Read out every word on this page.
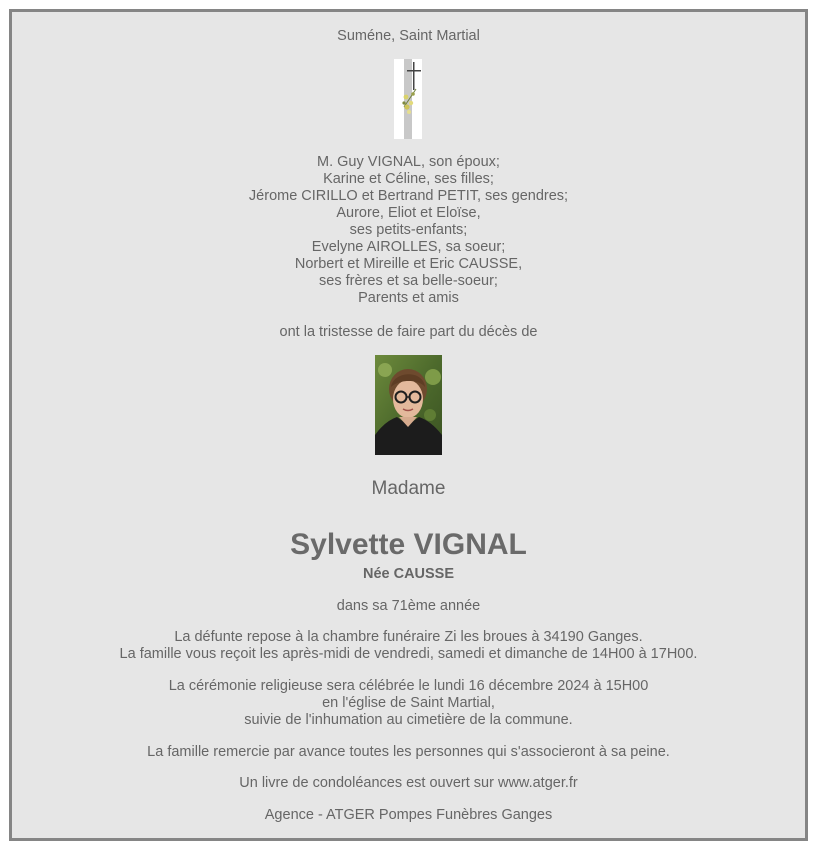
Suméne, Saint Martial
M. Guy VIGNAL, son époux;
Karine et Céline, ses filles;
Jérome CIRILLO et Bertrand PETIT, ses gendres;
Aurore, Eliot et Eloïse,
ses petits-enfants;
Evelyne AIROLLES, sa soeur;
Norbert et Mireille et Eric CAUSSE,
ses frères et sa belle-soeur;
Parents et amis
ont la tristesse de faire part du décès de
Madame
Sylvette VIGNAL
Née CAUSSE
dans sa 71ème année
La défunte repose à la chambre funéraire Zi les broues à 34190 Ganges.
La famille vous reçoit les après-midi de vendredi, samedi et dimanche de 14H00 à 17H00.
La cérémonie religieuse sera célébrée le lundi 16 décembre 2024 à 15H00
en l'église de Saint Martial,
suivie de l'inhumation au cimetière de la commune.
La famille remercie par avance toutes les personnes qui s'associeront à sa peine.
Un livre de condoléances est ouvert sur www.atger.fr
Agence - ATGER Pompes Funèbres Ganges
